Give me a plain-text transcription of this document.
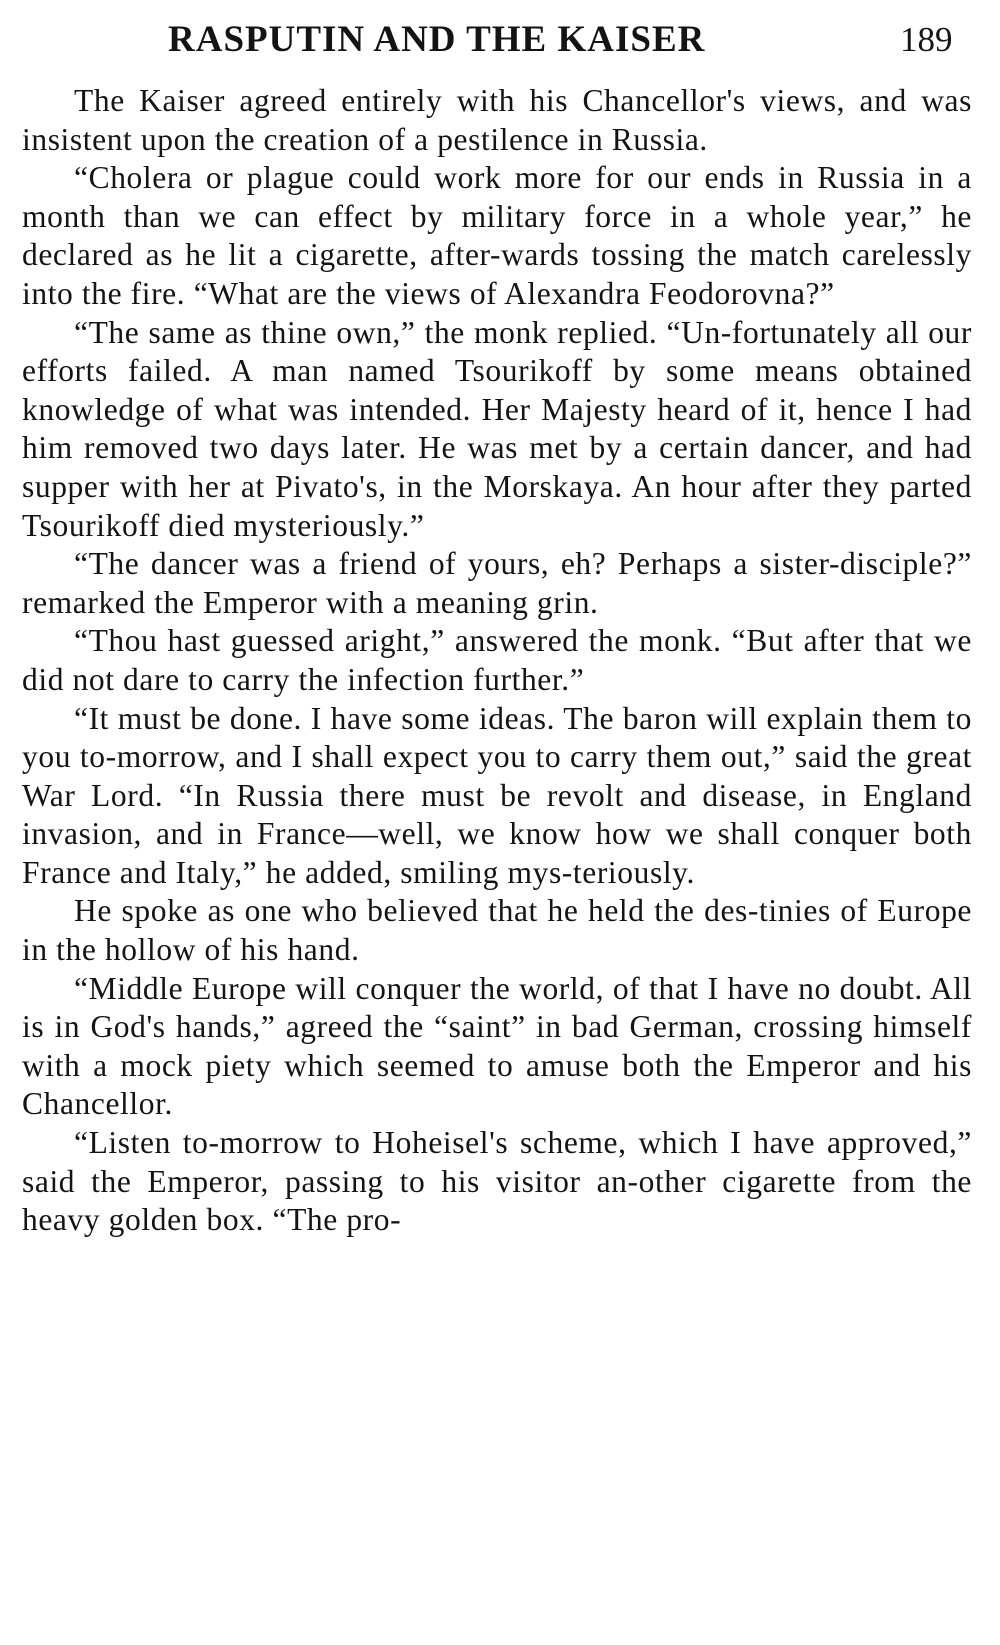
RASPUTIN AND THE KAISER	189

The Kaiser agreed entirely with his Chancellor's views, and was insistent upon the creation of a pestilence in Russia.

“Cholera or plague could work more for our ends in Russia in a month than we can effect by military force in a whole year,” he declared as he lit a cigarette, after-wards tossing the match carelessly into the fire. “What are the views of Alexandra Feodorovna?”

“The same as thine own,” the monk replied. “Un-fortunately all our efforts failed. A man named Tsourikoff by some means obtained knowledge of what was intended. Her Majesty heard of it, hence I had him removed two days later. He was met by a certain dancer, and had supper with her at Pivato's, in the Morskaya. An hour after they parted Tsourikoff died mysteriously.”

“The dancer was a friend of yours, eh? Perhaps a sister-disciple?” remarked the Emperor with a meaning grin.

“Thou hast guessed aright,” answered the monk. “But after that we did not dare to carry the infection further.”

“It must be done. I have some ideas. The baron will explain them to you to-morrow, and I shall expect you to carry them out,” said the great War Lord. “In Russia there must be revolt and disease, in England invasion, and in France—well, we know how we shall conquer both France and Italy,” he added, smiling mys-teriously.

He spoke as one who believed that he held the des-tinies of Europe in the hollow of his hand.

“Middle Europe will conquer the world, of that I have no doubt. All is in God's hands,” agreed the “saint” in bad German, crossing himself with a mock piety which seemed to amuse both the Emperor and his Chancellor.

“Listen to-morrow to Hoheisel's scheme, which I have approved,” said the Emperor, passing to his visitor an-other cigarette from the heavy golden box. “The pro-
